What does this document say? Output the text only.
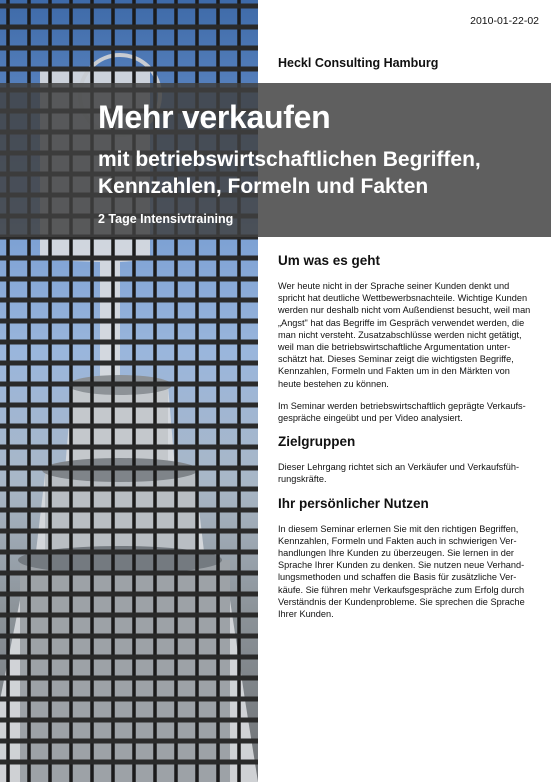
2010-01-22-02
Heckl Consulting Hamburg
Mehr verkaufen
mit betriebswirtschaftlichen Begriffen,
Kennzahlen, Formeln und Fakten
2 Tage Intensivtraining
Um was es geht

Wer heute nicht in der Sprache seiner Kunden denkt und
spricht hat deutliche Wettbewerbsnachteile. Wichtige Kunden
werden nur deshalb nicht vom Außendienst besucht, weil man
„Angst" hat das Begriffe im Gespräch verwendet werden, die
man nicht versteht. Zusatzabschlüsse werden nicht getätigt,
weil man die betriebswirtschaftliche Argumentation unter-
schätzt hat. Dieses Seminar zeigt die wichtigsten Begriffe,
Kennzahlen, Formeln und Fakten um in den Märkten von
heute bestehen zu können.

Im Seminar werden betriebswirtschaftlich geprägte Verkaufs-
gespräche eingeübt und per Video analysiert.

Zielgruppen

Dieser Lehrgang richtet sich an Verkäufer und Verkaufsfüh-
rungskräfte.

Ihr persönlicher Nutzen

In diesem Seminar erlernen Sie mit den richtigen Begriffen,
Kennzahlen, Formeln und Fakten auch in schwierigen Ver-
handlungen Ihre Kunden zu überzeugen. Sie lernen in der
Sprache Ihrer Kunden zu denken. Sie nutzen neue Verhand-
lungsmethoden und schaffen die Basis für zusätzliche Ver-
käufe. Sie führen mehr Verkaufsgespräche zum Erfolg durch
Verständnis der Kundenprobleme. Sie sprechen die Sprache
Ihrer Kunden.
